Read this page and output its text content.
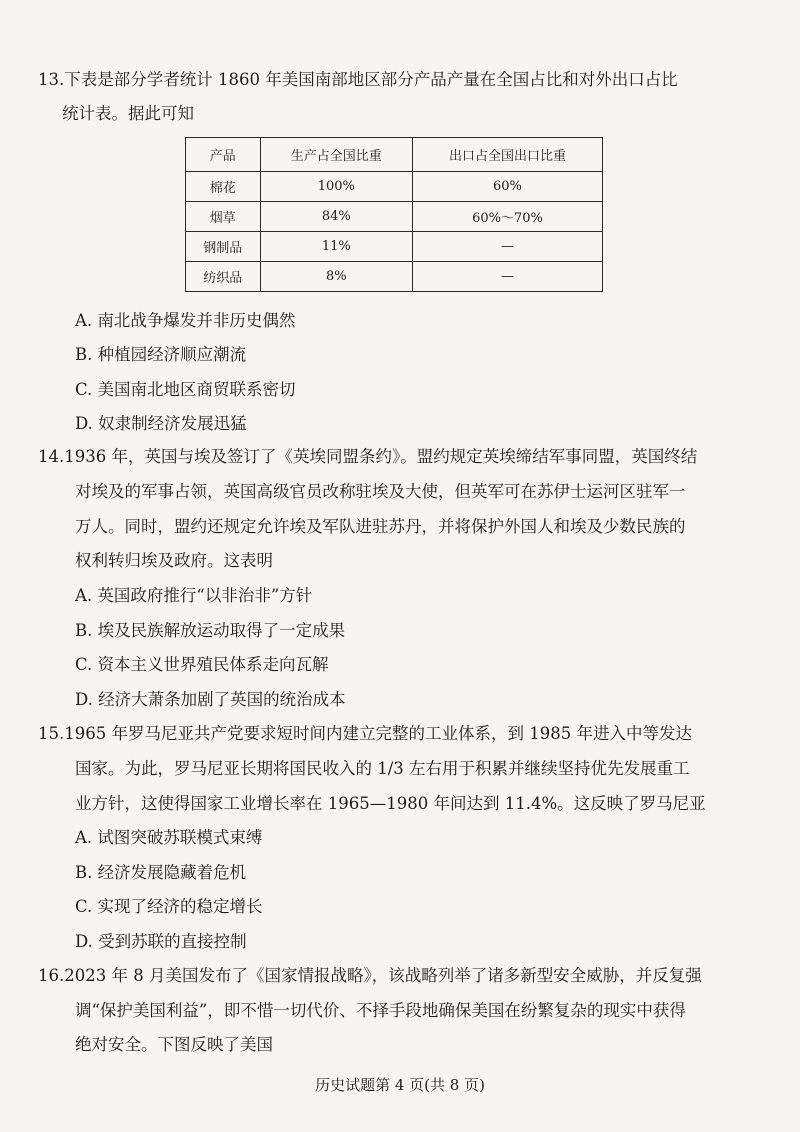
13.下表是部分学者统计 1860 年美国南部地区部分产品产量在全国占比和对外出口占比
统计表。据此可知
产品	生产占全国比重	出口占全国出口比重
棉花	100%	60%
烟草	84%	60%～70%
钢制品	11%	—
纺织品	8%	—
A. 南北战争爆发并非历史偶然
B. 种植园经济顺应潮流
C. 美国南北地区商贸联系密切
D. 奴隶制经济发展迅猛
14.1936 年，英国与埃及签订了《英埃同盟条约》。盟约规定英埃缔结军事同盟，英国终结
对埃及的军事占领，英国高级官员改称驻埃及大使，但英军可在苏伊士运河区驻军一
万人。同时，盟约还规定允许埃及军队进驻苏丹，并将保护外国人和埃及少数民族的
权利转归埃及政府。这表明
A. 英国政府推行“以非治非”方针
B. 埃及民族解放运动取得了一定成果
C. 资本主义世界殖民体系走向瓦解
D. 经济大萧条加剧了英国的统治成本
15.1965 年罗马尼亚共产党要求短时间内建立完整的工业体系，到 1985 年进入中等发达
国家。为此，罗马尼亚长期将国民收入的 1/3 左右用于积累并继续坚持优先发展重工
业方针，这使得国家工业增长率在 1965—1980 年间达到 11.4%。这反映了罗马尼亚
A. 试图突破苏联模式束缚
B. 经济发展隐藏着危机
C. 实现了经济的稳定增长
D. 受到苏联的直接控制
16.2023 年 8 月美国发布了《国家情报战略》，该战略列举了诸多新型安全威胁，并反复强
调“保护美国利益”，即不惜一切代价、不择手段地确保美国在纷繁复杂的现实中获得
绝对安全。下图反映了美国
历史试题第 4 页(共 8 页)
